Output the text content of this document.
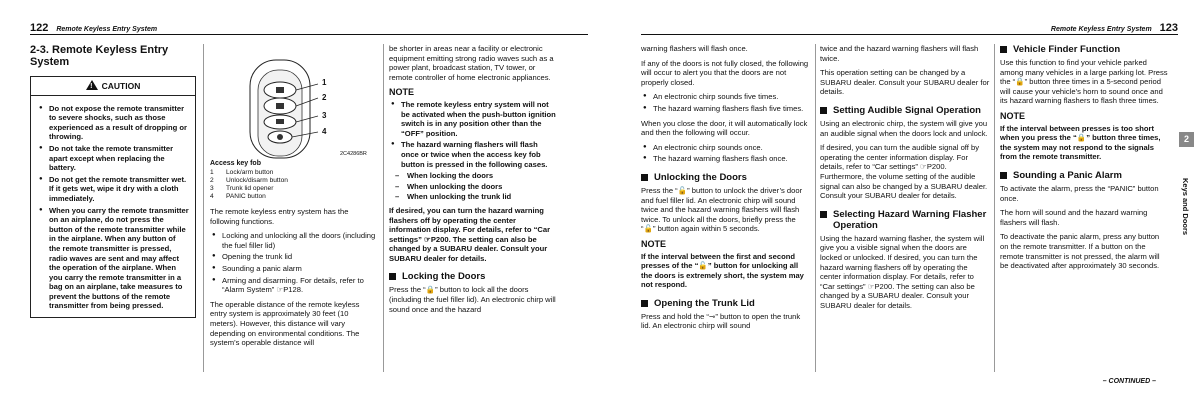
122 Remote Keyless Entry System
2-3. Remote Keyless Entry System
!CAUTION
● Do not expose the remote transmitter to severe shocks, such as those experienced as a result of dropping or throwing.
● Do not take the remote transmitter apart except when replacing the battery.
● Do not get the remote transmitter wet. If it gets wet, wipe it dry with a cloth immediately.
● When you carry the remote transmitter on an airplane, do not press the button of the remote transmitter while in the airplane. When any button of the remote transmitter is pressed, radio waves are sent and may affect the operation of the airplane. When you carry the remote transmitter in a bag on an airplane, take measures to prevent the buttons of the remote transmitter from being pressed.
1
2
3
4
2C4286BR
Access key fob
1 Lock/arm button
2 Unlock/disarm button
3 Trunk lid opener
4 PANIC button

The remote keyless entry system has the following functions.

● Locking and unlocking all the doors (including the fuel filler lid)
● Opening the trunk lid
● Sounding a panic alarm
● Arming and disarming. For details, refer to “Alarm System” ☞P128.

The operable distance of the remote keyless entry system is approximately 30 feet (10 meters). However, this distance will vary depending on environmental conditions. The system’s operable distance will

be shorter in areas near a facility or electronic equipment emitting strong radio waves such as a power plant, broadcast station, TV tower, or remote controller of home electronic appliances.

NOTE
● The remote keyless entry system will not be activated when the push-button ignition switch is in any position other than the “OFF” position.
● The hazard warning flashers will flash once or twice when the access key fob button is pressed in the following cases.
– When locking the doors
– When unlocking the doors
– When unlocking the trunk lid

If desired, you can turn the hazard warning flashers off by operating the center information display. For details, refer to “Car settings” ☞P200. The setting can also be changed by a SUBARU dealer. Consult your SUBARU dealer for details.

Locking the Doors

Press the “🔒” button to lock all the doors (including the fuel filler lid). An electronic chirp will sound once and the hazard

Remote Keyless Entry System 123

warning flashers will flash once.

If any of the doors is not fully closed, the following will occur to alert you that the doors are not properly closed.

● An electronic chirp sounds five times.
● The hazard warning flashers flash five times.

When you close the door, it will automatically lock and then the following will occur.

● An electronic chirp sounds once.
● The hazard warning flashers flash once.
Unlocking the Doors

Press the “🔓” button to unlock the driver’s door and fuel filler lid. An electronic chirp will sound twice and the hazard warning flashers will flash twice. To unlock all the doors, briefly press the “🔓” button again within 5 seconds.

NOTE

If the interval between the first and second presses of the “🔓” button for unlocking all the doors is extremely short, the system may not respond.

Opening the Trunk Lid

Press and hold the “⊸” button to open the trunk lid. An electronic chirp will sound

twice and the hazard warning flashers will flash twice.

This operation setting can be changed by a SUBARU dealer. Consult your SUBARU dealer for details.

Setting Audible Signal Operation

Using an electronic chirp, the system will give you an audible signal when the doors lock and unlock.

If desired, you can turn the audible signal off by operating the center information display. For details, refer to “Car settings” ☞P200. Furthermore, the volume setting of the audible signal can also be changed by a SUBARU dealer. Consult your SUBARU dealer for details.

Selecting Hazard Warning Flasher Operation

Using the hazard warning flasher, the system will give you a visible signal when the doors are locked or unlocked. If desired, you can turn the hazard warning flashers off by operating the center information display. For details, refer to “Car settings” ☞P200. The setting can also be changed by a SUBARU dealer. Consult your SUBARU dealer for details.

Vehicle Finder Function

Use this function to find your vehicle parked among many vehicles in a large parking lot. Press the “🔒” button three times in a 5-second period will cause your vehicle’s horn to sound once and its hazard warning flashers to flash three times.

NOTE

If the interval between presses is too short when you press the “🔒” button three times, the system may not respond to the signals from the remote transmitter.

Sounding a Panic Alarm

To activate the alarm, press the “PANIC” button once.

The horn will sound and the hazard warning flashers will flash.

To deactivate the panic alarm, press any button on the remote transmitter. If a button on the remote transmitter is not pressed, the alarm will be deactivated after approximately 30 seconds.

2
Keys and Doors
– CONTINUED –
